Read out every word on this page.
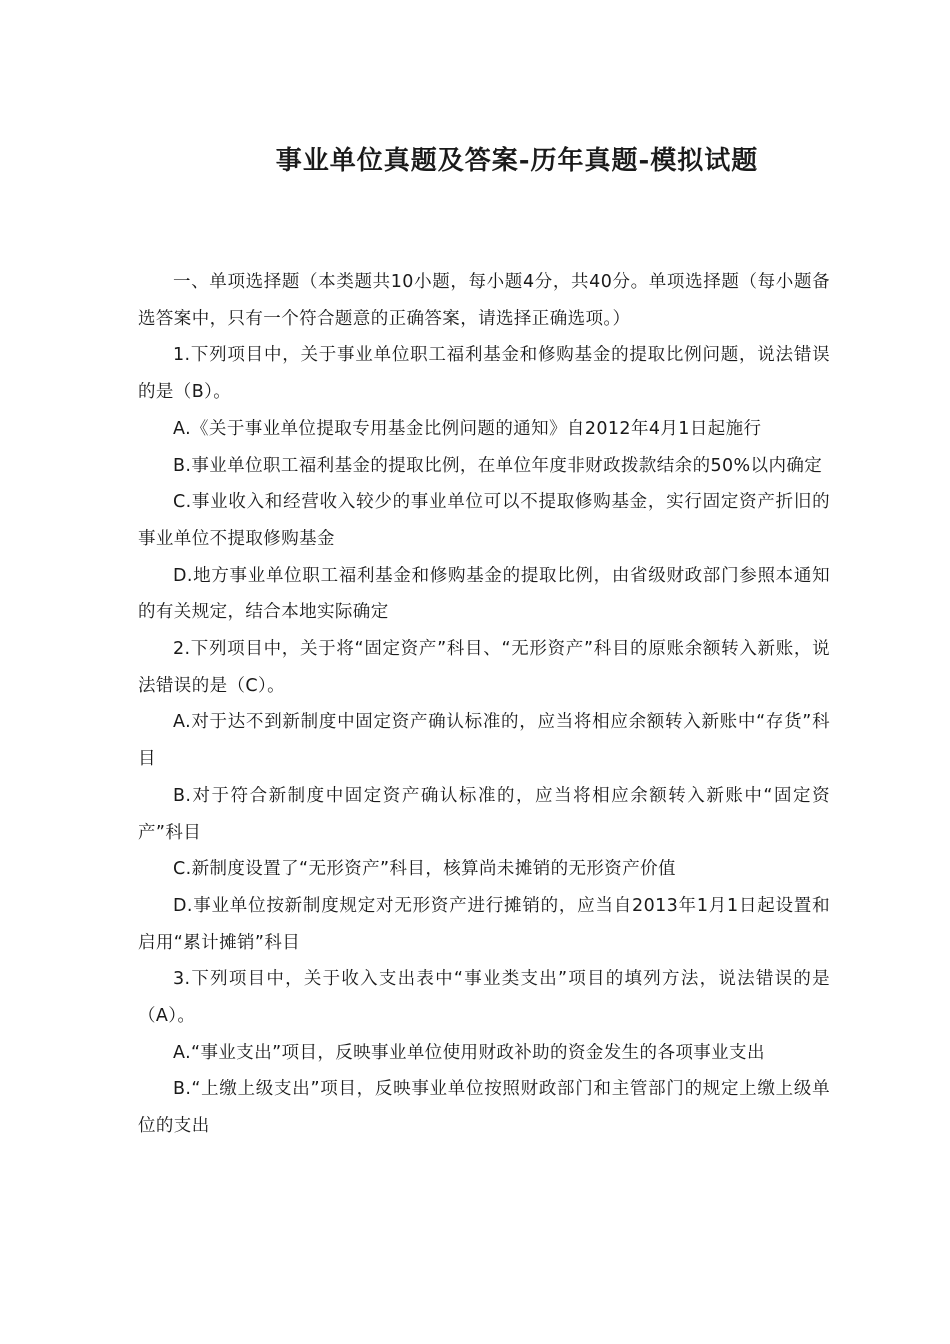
事业单位真题及答案-历年真题-模拟试题

一、单项选择题（本类题共10小题，每小题4分，共40分。单项选择题（每小题备选答案中，只有一个符合题意的正确答案，请选择正确选项。）

1.下列项目中，关于事业单位职工福利基金和修购基金的提取比例问题，说法错误的是（B）。

A.《关于事业单位提取专用基金比例问题的通知》自2012年4月1日起施行

B.事业单位职工福利基金的提取比例，在单位年度非财政拨款结余的50%以内确定

C.事业收入和经营收入较少的事业单位可以不提取修购基金，实行固定资产折旧的事业单位不提取修购基金

D.地方事业单位职工福利基金和修购基金的提取比例，由省级财政部门参照本通知的有关规定，结合本地实际确定

2.下列项目中，关于将“固定资产”科目、“无形资产”科目的原账余额转入新账，说法错误的是（C）。

A.对于达不到新制度中固定资产确认标准的，应当将相应余额转入新账中“存货”科目

B.对于符合新制度中固定资产确认标准的，应当将相应余额转入新账中“固定资产”科目

C.新制度设置了“无形资产”科目，核算尚未摊销的无形资产价值

D.事业单位按新制度规定对无形资产进行摊销的，应当自2013年1月1日起设置和启用“累计摊销”科目

3.下列项目中，关于收入支出表中“事业类支出”项目的填列方法，说法错误的是（A）。

A.“事业支出”项目，反映事业单位使用财政补助的资金发生的各项事业支出

B.“上缴上级支出”项目，反映事业单位按照财政部门和主管部门的规定上缴上级单位的支出
